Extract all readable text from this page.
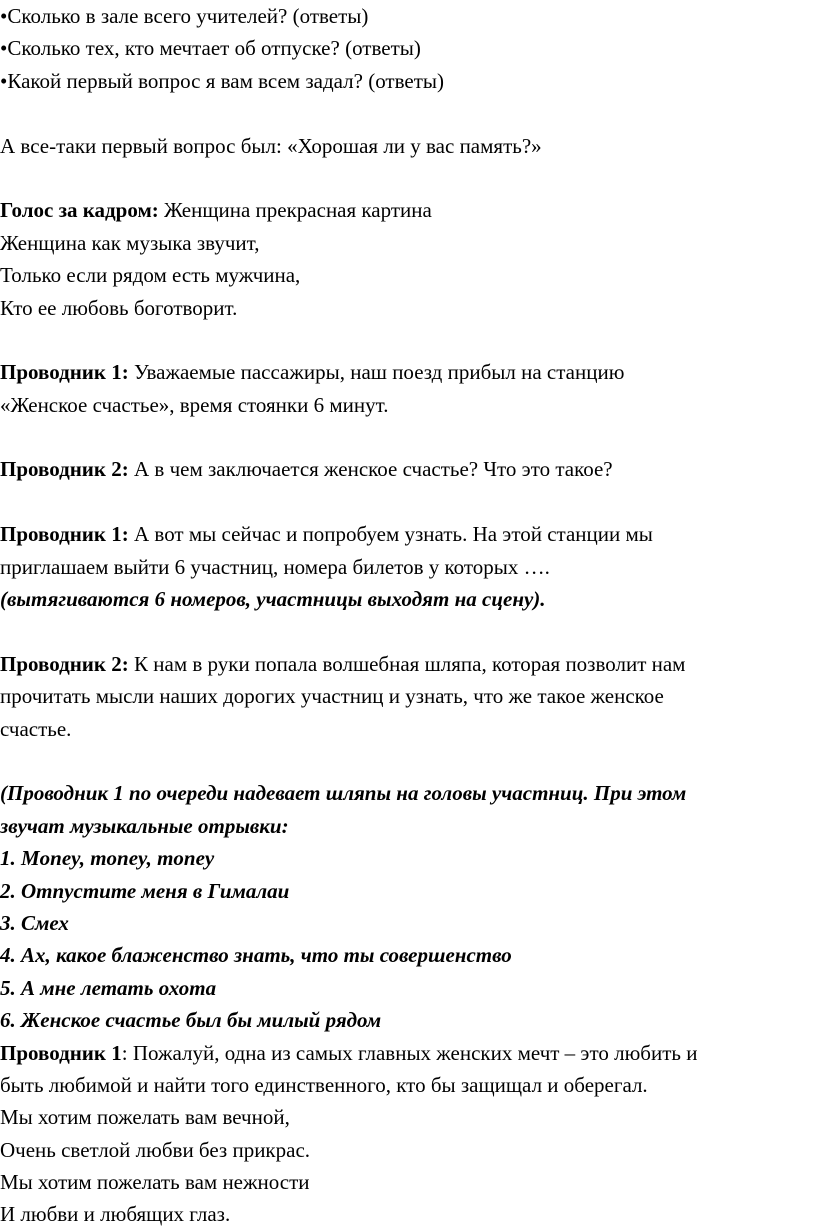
•Сколько в зале всего учителей? (ответы)
•Сколько тех, кто мечтает об отпуске? (ответы)
•Какой первый вопрос я вам всем задал? (ответы)
А все-таки первый вопрос был: «Хорошая ли у вас память?»
Голос за кадром: Женщина прекрасная картина
Женщина как музыка звучит,
Только если рядом есть мужчина,
Кто ее любовь боготворит.
Проводник 1: Уважаемые пассажиры, наш поезд прибыл на станцию
«Женское счастье», время стоянки 6 минут.
Проводник 2: А в чем заключается женское счастье? Что это такое?
Проводник 1: А вот мы сейчас и попробуем узнать. На этой станции мы
приглашаем выйти 6 участниц, номера билетов у которых ….
(вытягиваются 6 номеров, участницы выходят на сцену).
Проводник 2: К нам в руки попала волшебная шляпа, которая позволит нам
прочитать мысли наших дорогих участниц и узнать, что же такое женское
счастье.
(Проводник 1 по очереди надевает шляпы на головы участниц. При этом
звучат музыкальные отрывки:
1. Money, money, money
2. Отпустите меня в Гималаи
3. Смех
4. Ах, какое блаженство знать, что ты совершенство
5. А мне летать охота
6. Женское счастье был бы милый рядом
Проводник 1: Пожалуй, одна из самых главных женских мечт – это любить и
быть любимой и найти того единственного, кто бы защищал и оберегал.
Мы хотим пожелать вам вечной,
Очень светлой любви без прикрас.
Мы хотим пожелать вам нежности
И любви и любящих глаз.
